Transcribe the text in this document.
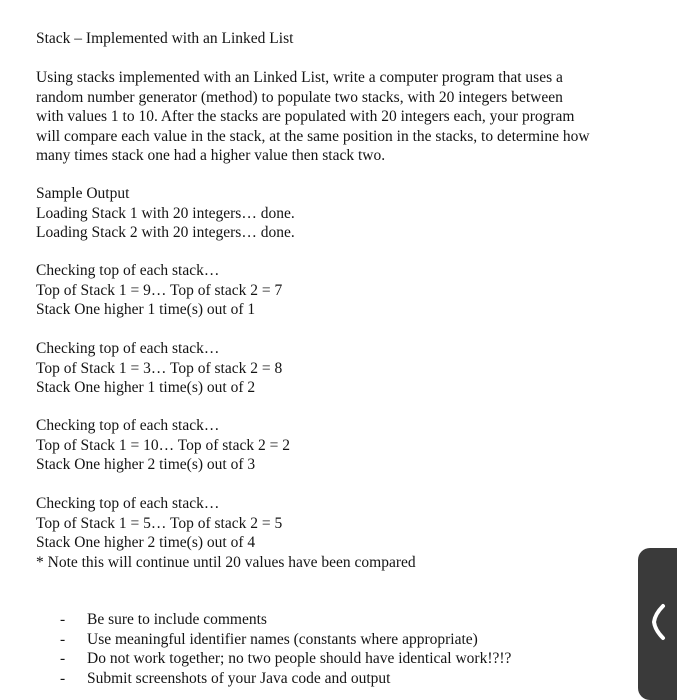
Stack – Implemented with an Linked List
Using stacks implemented with an Linked List, write a computer program that uses a
random number generator (method) to populate two stacks, with 20 integers between
with values 1 to 10. After the stacks are populated with 20 integers each, your program
will compare each value in the stack, at the same position in the stacks, to determine how
many times stack one had a higher value then stack two.
Sample Output
Loading Stack 1 with 20 integers… done.
Loading Stack 2 with 20 integers… done.
Checking top of each stack…
Top of Stack 1 = 9… Top of stack 2 = 7
Stack One higher 1 time(s) out of 1
Checking top of each stack…
Top of Stack 1 = 3… Top of stack 2 = 8
Stack One higher 1 time(s) out of 2
Checking top of each stack…
Top of Stack 1 = 10… Top of stack 2 = 2
Stack One higher 2 time(s) out of 3
Checking top of each stack…
Top of Stack 1 = 5… Top of stack 2 = 5
Stack One higher 2 time(s) out of 4
* Note this will continue until 20 values have been compared
- Be sure to include comments
- Use meaningful identifier names (constants where appropriate)
- Do not work together; no two people should have identical work!?!?
- Submit screenshots of your Java code and output
